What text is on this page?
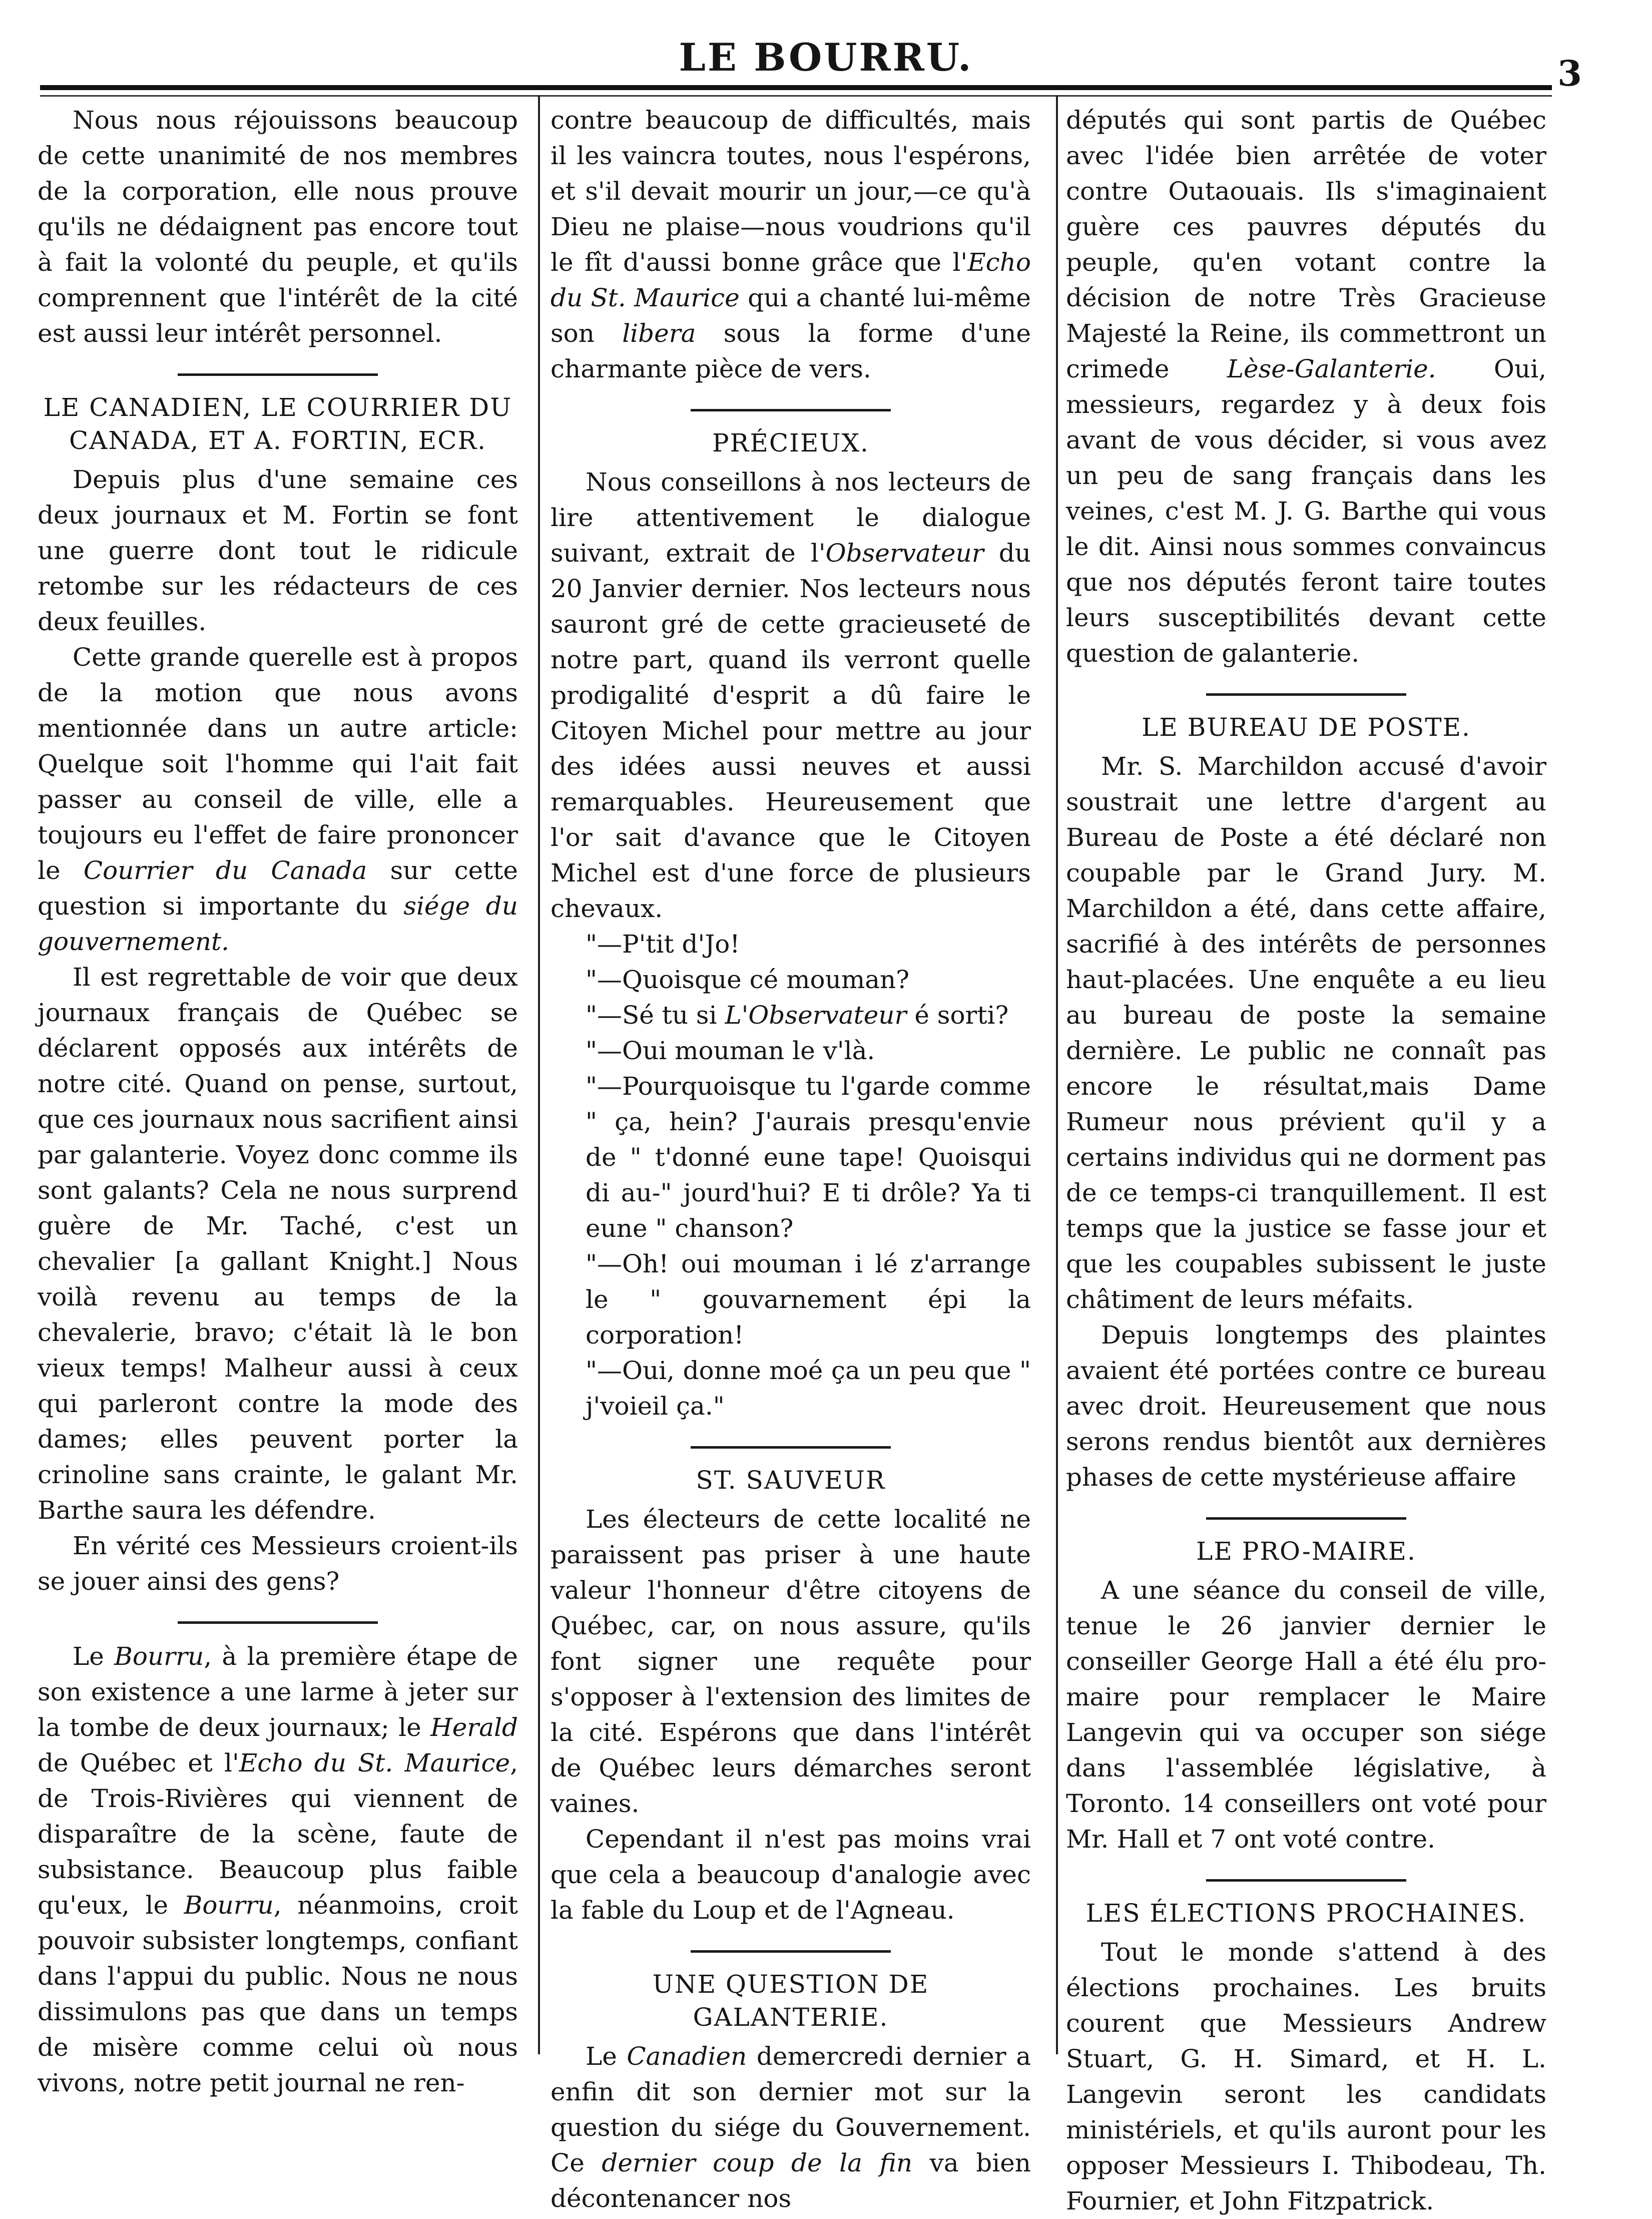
LE BOURRU.	3

Nous nous réjouissons beaucoup de cette unanimité de nos membres de la corporation, elle nous prouve qu'ils ne dédaignent pas encore tout à fait la volonté du peuple, et qu'ils comprennent que l'intérêt de la cité est aussi leur intérêt personnel.

LE CANADIEN, LE COURRIER DU CANADA, ET A. FORTIN, ECR.

Depuis plus d'une semaine ces deux journaux et M. Fortin se font une guerre dont tout le ridicule retombe sur les rédacteurs de ces deux feuilles.

Cette grande querelle est à propos de la motion que nous avons mentionnée dans un autre article: Quelque soit l'homme qui l'ait fait passer au conseil de ville, elle a toujours eu l'effet de faire prononcer le Courrier du Canada sur cette question si importante du siége du gouvernement.

Il est regrettable de voir que deux journaux français de Québec se déclarent opposés aux intérêts de notre cité. Quand on pense, surtout, que ces journaux nous sacrifient ainsi par galanterie. Voyez donc comme ils sont galants? Cela ne nous surprend guère de Mr. Taché, c'est un chevalier [a gallant Knight.] Nous voilà revenu au temps de la chevalerie, bravo; c'était là le bon vieux temps! Malheur aussi à ceux qui parleront contre la mode des dames; elles peuvent porter la crinoline sans crainte, le galant Mr. Barthe saura les défendre.

En vérité ces Messieurs croient-ils se jouer ainsi des gens?

Le Bourru, à la première étape de son existence a une larme à jeter sur la tombe de deux journaux; le Herald de Québec et l'Echo du St. Maurice, de Trois-Rivières qui viennent de disparaître de la scène, faute de subsistance. Beaucoup plus faible qu'eux, le Bourru, néanmoins, croit pouvoir subsister longtemps, confiant dans l'appui du public. Nous ne nous dissimulons pas que dans un temps de misère comme celui où nous vivons, notre petit journal ne ren-

contre beaucoup de difficultés, mais il les vaincra toutes, nous l'espérons, et s'il devait mourir un jour,—ce qu'à Dieu ne plaise—nous voudrions qu'il le fît d'aussi bonne grâce que l'Echo du St. Maurice qui a chanté lui-même son libera sous la forme d'une charmante pièce de vers.

PRÉCIEUX.

Nous conseillons à nos lecteurs de lire attentivement le dialogue suivant, extrait de l'Observateur du 20 Janvier dernier. Nos lecteurs nous sauront gré de cette gracieuseté de notre part, quand ils verront quelle prodigalité d'esprit a dû faire le Citoyen Michel pour mettre au jour des idées aussi neuves et aussi remarquables. Heureusement que l'or sait d'avance que le Citoyen Michel est d'une force de plusieurs chevaux.

"—P'tit d'Jo!

"—Quoisque cé mouman?

"—Sé tu si L'Observateur é sorti?

"—Oui mouman le v'là.

"—Pourquoisque tu l'garde comme " ça, hein? J'aurais presqu'envie de " t'donné eune tape! Quoisqui di au-" jourd'hui? E ti drôle? Ya ti eune " chanson?

"—Oh! oui mouman i lé z'arrange le " gouvarnement épi la corporation!

"—Oui, donne moé ça un peu que " j'voieil ça."

ST. SAUVEUR

Les électeurs de cette localité ne paraissent pas priser à une haute valeur l'honneur d'être citoyens de Québec, car, on nous assure, qu'ils font signer une requête pour s'opposer à l'extension des limites de la cité. Espérons que dans l'intérêt de Québec leurs démarches seront vaines.

Cependant il n'est pas moins vrai que cela a beaucoup d'analogie avec la fable du Loup et de l'Agneau.

UNE QUESTION DE GALANTERIE.

Le Canadien demercredi dernier a enfin dit son dernier mot sur la question du siége du Gouvernement. Ce dernier coup de la fin va bien décontenancer nos

députés qui sont partis de Québec avec l'idée bien arrêtée de voter contre Outaouais. Ils s'imaginaient guère ces pauvres députés du peuple, qu'en votant contre la décision de notre Très Gracieuse Majesté la Reine, ils commettront un crimede Lèse-Galanterie. Oui, messieurs, regardez y à deux fois avant de vous décider, si vous avez un peu de sang français dans les veines, c'est M. J. G. Barthe qui vous le dit. Ainsi nous sommes convaincus que nos députés feront taire toutes leurs susceptibilités devant cette question de galanterie.

LE BUREAU DE POSTE.

Mr. S. Marchildon accusé d'avoir soustrait une lettre d'argent au Bureau de Poste a été déclaré non coupable par le Grand Jury. M. Marchildon a été, dans cette affaire, sacrifié à des intérêts de personnes haut-placées. Une enquête a eu lieu au bureau de poste la semaine dernière. Le public ne connaît pas encore le résultat,mais Dame Rumeur nous prévient qu'il y a certains individus qui ne dorment pas de ce temps-ci tranquillement. Il est temps que la justice se fasse jour et que les coupables subissent le juste châtiment de leurs méfaits.

Depuis longtemps des plaintes avaient été portées contre ce bureau avec droit. Heureusement que nous serons rendus bientôt aux dernières phases de cette mystérieuse affaire

LE PRO-MAIRE.

A une séance du conseil de ville, tenue le 26 janvier dernier le conseiller George Hall a été élu pro-maire pour remplacer le Maire Langevin qui va occuper son siége dans l'assemblée législative, à Toronto. 14 conseillers ont voté pour Mr. Hall et 7 ont voté contre.

LES ÉLECTIONS PROCHAINES.

Tout le monde s'attend à des élections prochaines. Les bruits courent que Messieurs Andrew Stuart, G. H. Simard, et H. L. Langevin seront les candidats ministériels, et qu'ils auront pour les opposer Messieurs I. Thibodeau, Th. Fournier, et John Fitzpatrick.
